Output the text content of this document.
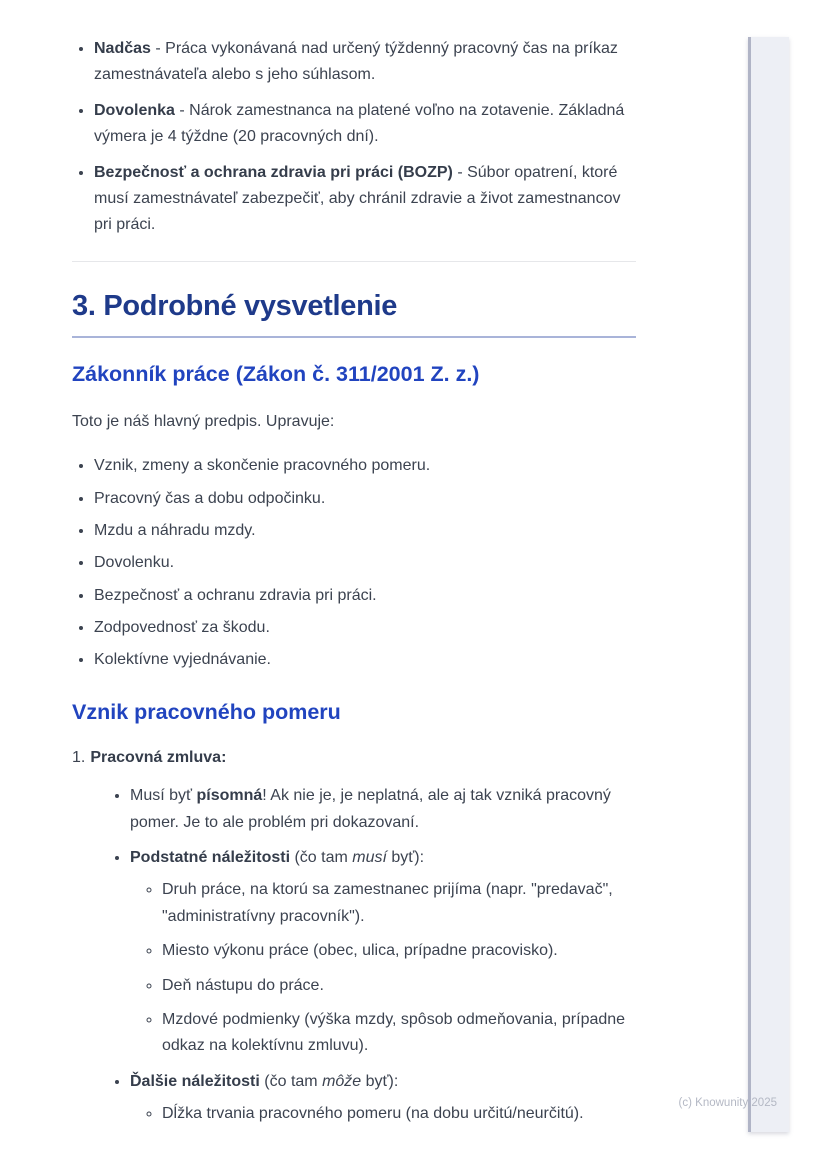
• Nadčas - Práca vykonávaná nad určený týždenný pracovný čas na príkaz zamestnávateľa alebo s jeho súhlasom.
• Dovolenka - Nárok zamestnanca na platené voľno na zotavenie. Základná výmera je 4 týždne (20 pracovných dní).
• Bezpečnosť a ochrana zdravia pri práci (BOZP) - Súbor opatrení, ktoré musí zamestnávateľ zabezpečiť, aby chránil zdravie a život zamestnancov pri práci.
3. Podrobné vysvetlenie
Zákonník práce (Zákon č. 311/2001 Z. z.)

Toto je náš hlavný predpis. Upravuje:

• Vznik, zmeny a skončenie pracovného pomeru.
• Pracovný čas a dobu odpočinku.
• Mzdu a náhradu mzdy.
• Dovolenku.
• Bezpečnosť a ochranu zdravia pri práci.
• Zodpovednosť za škodu.
• Kolektívne vyjednávanie.
Vznik pracovného pomeru
1. Pracovná zmluva:
• Musí byť písomná! Ak nie je, je neplatná, ale aj tak vzniká pracovný pomer. Je to ale problém pri dokazovaní.
• Podstatné náležitosti (čo tam musí byť):
◦ Druh práce, na ktorú sa zamestnanec prijíma (napr. "predavač", "administratívny pracovník").
◦ Miesto výkonu práce (obec, ulica, prípadne pracovisko).
◦ Deň nástupu do práce.
◦ Mzdové podmienky (výška mzdy, spôsob odmeňovania, prípadne odkaz na kolektívnu zmluvu).
• Ďalšie náležitosti (čo tam môže byť):
◦ Dĺžka trvania pracovného pomeru (na dobu určitú/neurčitú).
(c) Knowunity 2025
